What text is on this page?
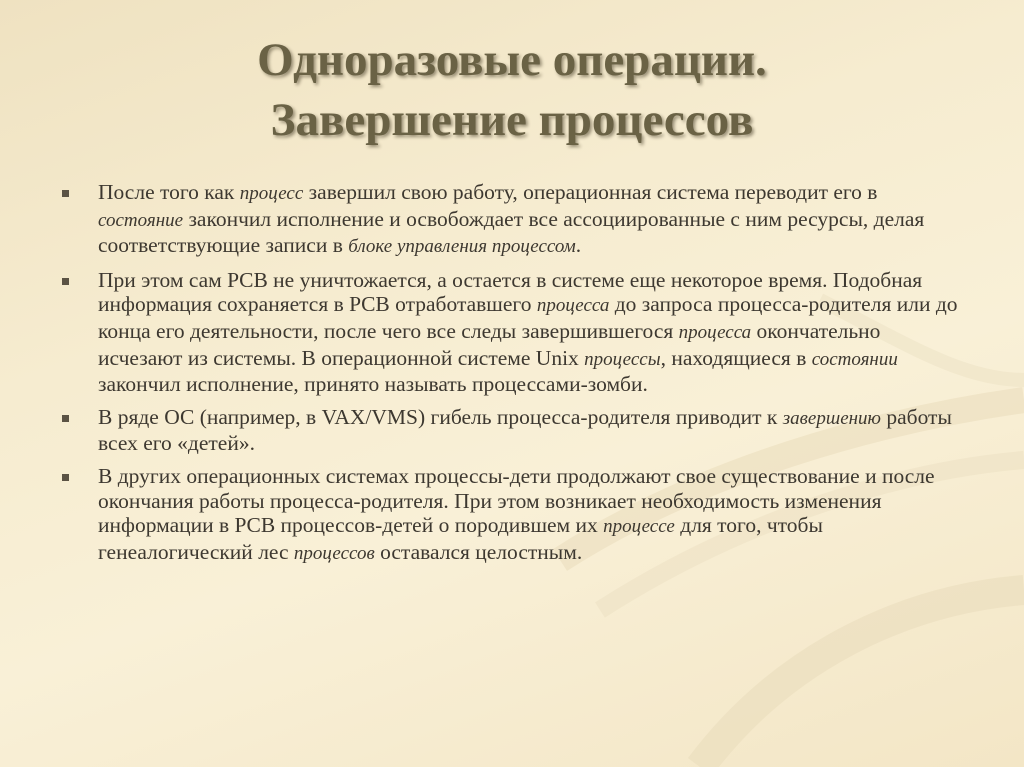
Одноразовые операции.
Завершение процессов
После того как процесс завершил свою работу, операционная система переводит его в состояние закончил исполнение и освобождает все ассоциированные с ним ресурсы, делая соответствующие записи в блоке управления процессом.
При этом сам PCB не уничтожается, а остается в системе еще некоторое время. Подобная информация сохраняется в PCB отработавшего процесса до запроса процесса-родителя или до конца его деятельности, после чего все следы завершившегося процесса окончательно исчезают из системы. В операционной системе Unix процессы, находящиеся в состоянии закончил исполнение, принято называть процессами-зомби.
В ряде ОС (например, в VAX/VMS) гибель процесса-родителя приводит к завершению работы всех его «детей».
В других операционных системах процессы-дети продолжают свое существование и после окончания работы процесса-родителя. При этом возникает необходимость изменения информации в PCB процессов-детей о породившем их процессе для того, чтобы генеалогический лес процессов оставался целостным.
